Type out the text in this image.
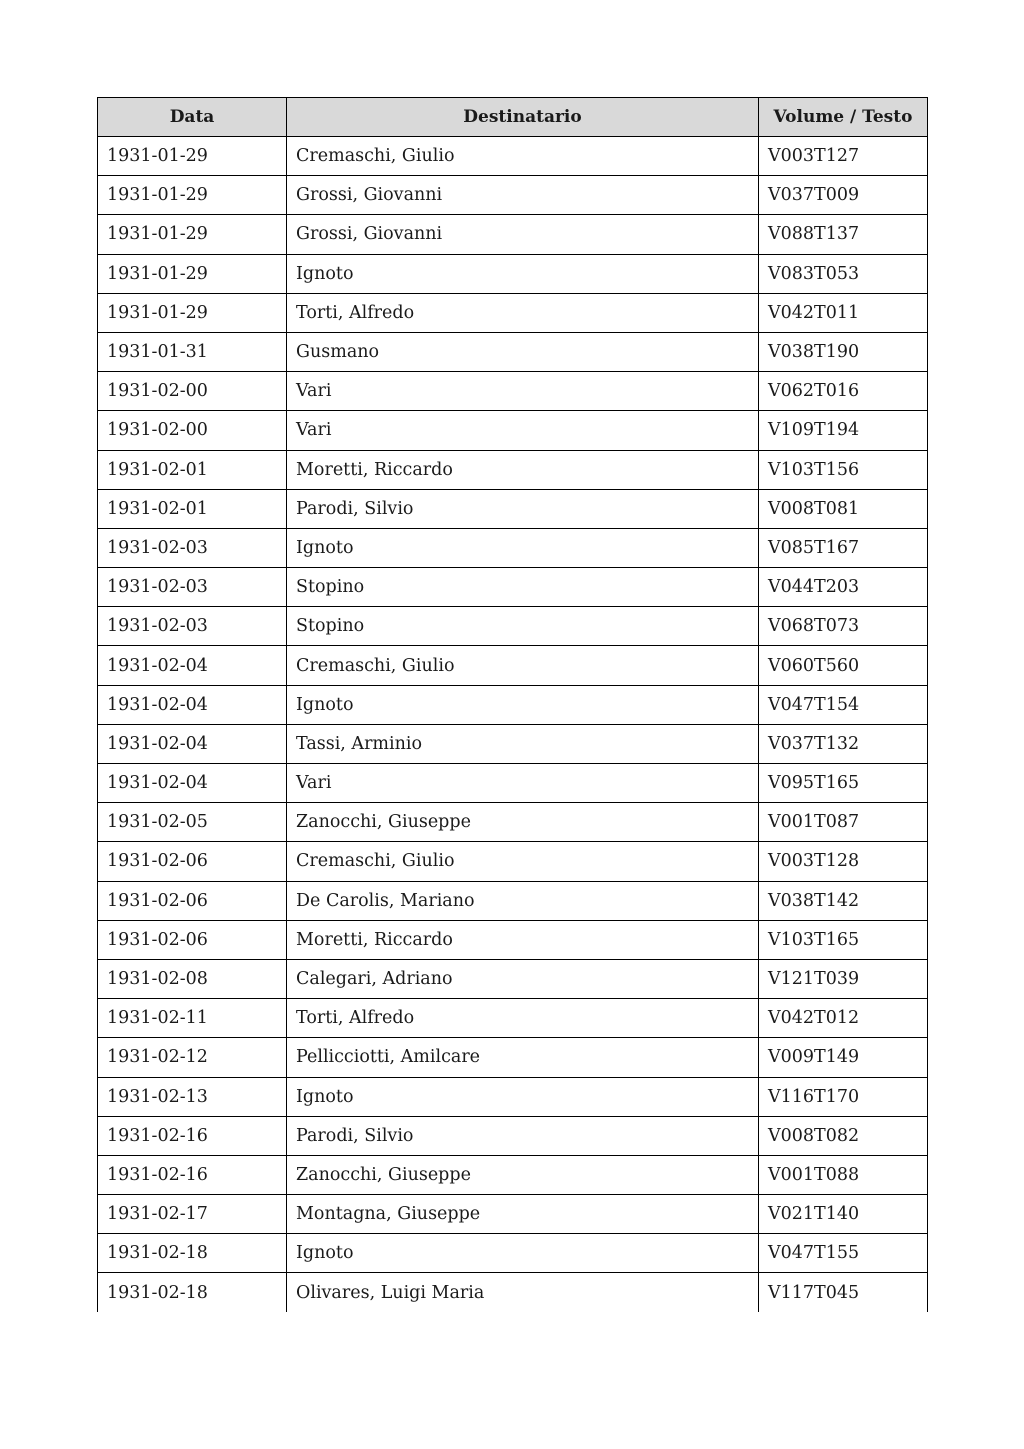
Data	Destinatario	Volume / Testo
1931-01-29	Cremaschi, Giulio	V003T127
1931-01-29	Grossi, Giovanni	V037T009
1931-01-29	Grossi, Giovanni	V088T137
1931-01-29	Ignoto	V083T053
1931-01-29	Torti, Alfredo	V042T011
1931-01-31	Gusmano	V038T190
1931-02-00	Vari	V062T016
1931-02-00	Vari	V109T194
1931-02-01	Moretti, Riccardo	V103T156
1931-02-01	Parodi, Silvio	V008T081
1931-02-03	Ignoto	V085T167
1931-02-03	Stopino	V044T203
1931-02-03	Stopino	V068T073
1931-02-04	Cremaschi, Giulio	V060T560
1931-02-04	Ignoto	V047T154
1931-02-04	Tassi, Arminio	V037T132
1931-02-04	Vari	V095T165
1931-02-05	Zanocchi, Giuseppe	V001T087
1931-02-06	Cremaschi, Giulio	V003T128
1931-02-06	De Carolis, Mariano	V038T142
1931-02-06	Moretti, Riccardo	V103T165
1931-02-08	Calegari, Adriano	V121T039
1931-02-11	Torti, Alfredo	V042T012
1931-02-12	Pellicciotti, Amilcare	V009T149
1931-02-13	Ignoto	V116T170
1931-02-16	Parodi, Silvio	V008T082
1931-02-16	Zanocchi, Giuseppe	V001T088
1931-02-17	Montagna, Giuseppe	V021T140
1931-02-18	Ignoto	V047T155
1931-02-18	Olivares, Luigi Maria	V117T045
